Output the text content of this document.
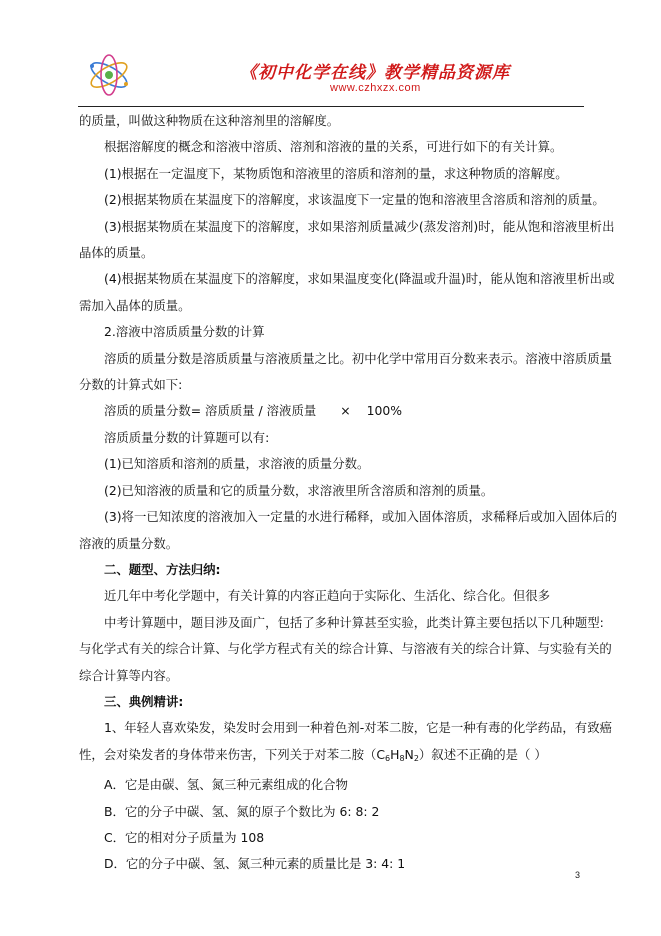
《初中化学在线》教学精品资源库
www.czhxzx.com

的质量，叫做这种物质在这种溶剂里的溶解度。

根据溶解度的概念和溶液中溶质、溶剂和溶液的量的关系，可进行如下的有关计算。

(1)根据在一定温度下，某物质饱和溶液里的溶质和溶剂的量，求这种物质的溶解度。

(2)根据某物质在某温度下的溶解度，求该温度下一定量的饱和溶液里含溶质和溶剂的质量。

(3)根据某物质在某温度下的溶解度，求如果溶剂质量减少(蒸发溶剂)时，能从饱和溶液里析出

晶体的质量。

(4)根据某物质在某温度下的溶解度，求如果温度变化(降温或升温)时，能从饱和溶液里析出或

需加入晶体的质量。

2.溶液中溶质质量分数的计算

溶质的质量分数是溶质质量与溶液质量之比。初中化学中常用百分数来表示。溶液中溶质质量

分数的计算式如下:

溶质的质量分数= 溶质质量 / 溶液质量 × 100%

溶质质量分数的计算题可以有:

(1)已知溶质和溶剂的质量，求溶液的质量分数。

(2)已知溶液的质量和它的质量分数，求溶液里所含溶质和溶剂的质量。

(3)将一已知浓度的溶液加入一定量的水进行稀释，或加入固体溶质，求稀释后或加入固体后的

溶液的质量分数。

二、题型、方法归纳:

近几年中考化学题中，有关计算的内容正趋向于实际化、生活化、综合化。但很多

中考计算题中，题目涉及面广，包括了多种计算甚至实验，此类计算主要包括以下几种题型:

与化学式有关的综合计算、与化学方程式有关的综合计算、与溶液有关的综合计算、与实验有关的

综合计算等内容。

三、典例精讲:

1、年轻人喜欢染发，染发时会用到一种着色剂-对苯二胺，它是一种有毒的化学药品，有致癌

性，会对染发者的身体带来伤害，下列关于对苯二胺$(C_6H_8N_2)$叙述不正确的是（ ）

A．它是由碳、氢、氮三种元素组成的化合物

B．它的分子中碳、氢、氮的原子个数比为 6: 8: 2

C．它的相对分子质量为 108

D．它的分子中碳、氢、氮三种元素的质量比是 3: 4: 1

3
